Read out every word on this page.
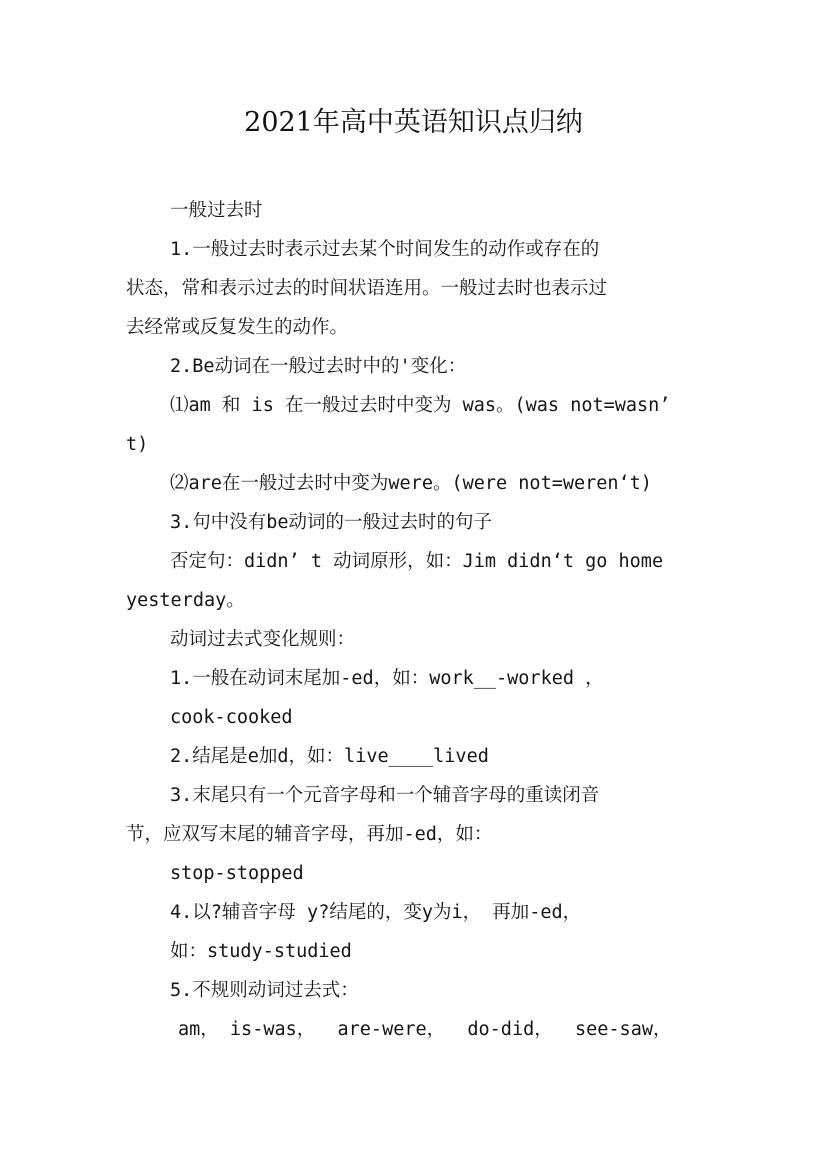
2021年高中英语知识点归纳
一般过去时
1.一般过去时表示过去某个时间发生的动作或存在的
状态，常和表示过去的时间状语连用。一般过去时也表示过
去经常或反复发生的动作。
2.Be动词在一般过去时中的'变化：
⑴am 和 is 在一般过去时中变为 was。(was not=wasn’
t)
⑵are在一般过去时中变为were。(were not=weren‘t)
3.句中没有be动词的一般过去时的句子
否定句：didn’ t 动词原形，如：Jim didn‘t go home
yesterday。
动词过去式变化规则：
1.一般在动词末尾加-ed，如：work__-worked ，
cook-cooked
2.结尾是e加d，如：live____lived
3.末尾只有一个元音字母和一个辅音字母的重读闭音
节，应双写末尾的辅音字母，再加-ed，如：
stop-stopped
4.以?辅音字母 y?结尾的，变y为i， 再加-ed，
如：study-studied
5.不规则动词过去式：
am， is-was，  are-were，  do-did，  see-saw，
